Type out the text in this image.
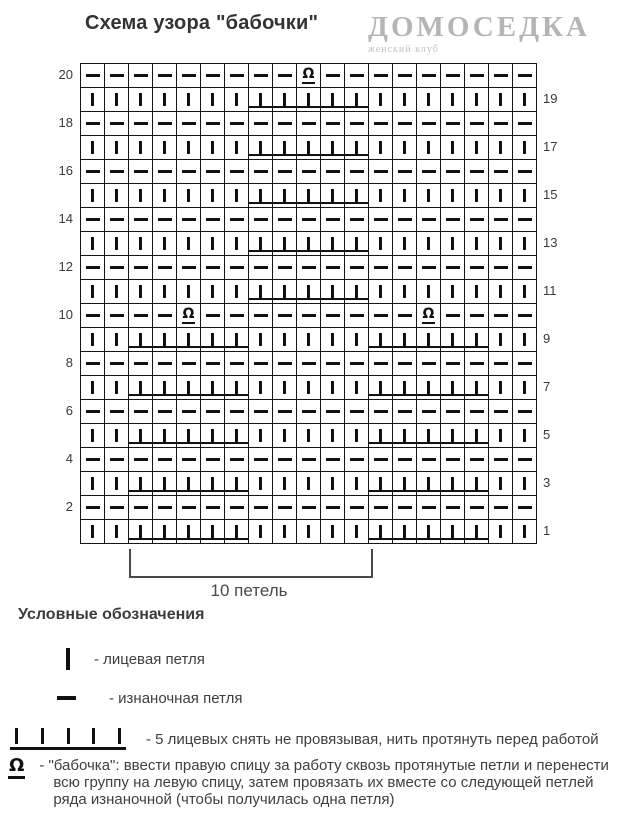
Схема узора "бабочки" ДОМОСЕДКА
женский клуб
20
18
16
14
12
10
8
6
4
2
Ω
Ω	Ω
19
17
15
13
11
9
7
5
3
1
10 петель
Условные обозначения
- лицевая петля
- изнаночная петля
- 5 лицевых снять не провязывая, нить протянуть перед работой
Ω - "бабочка": ввести правую спицу за работу сквозь протянутые петли и перенести всю группу на левую спицу, затем провязать их вместе со следующей петлей ряда изнаночной (чтобы получилась одна петля)
